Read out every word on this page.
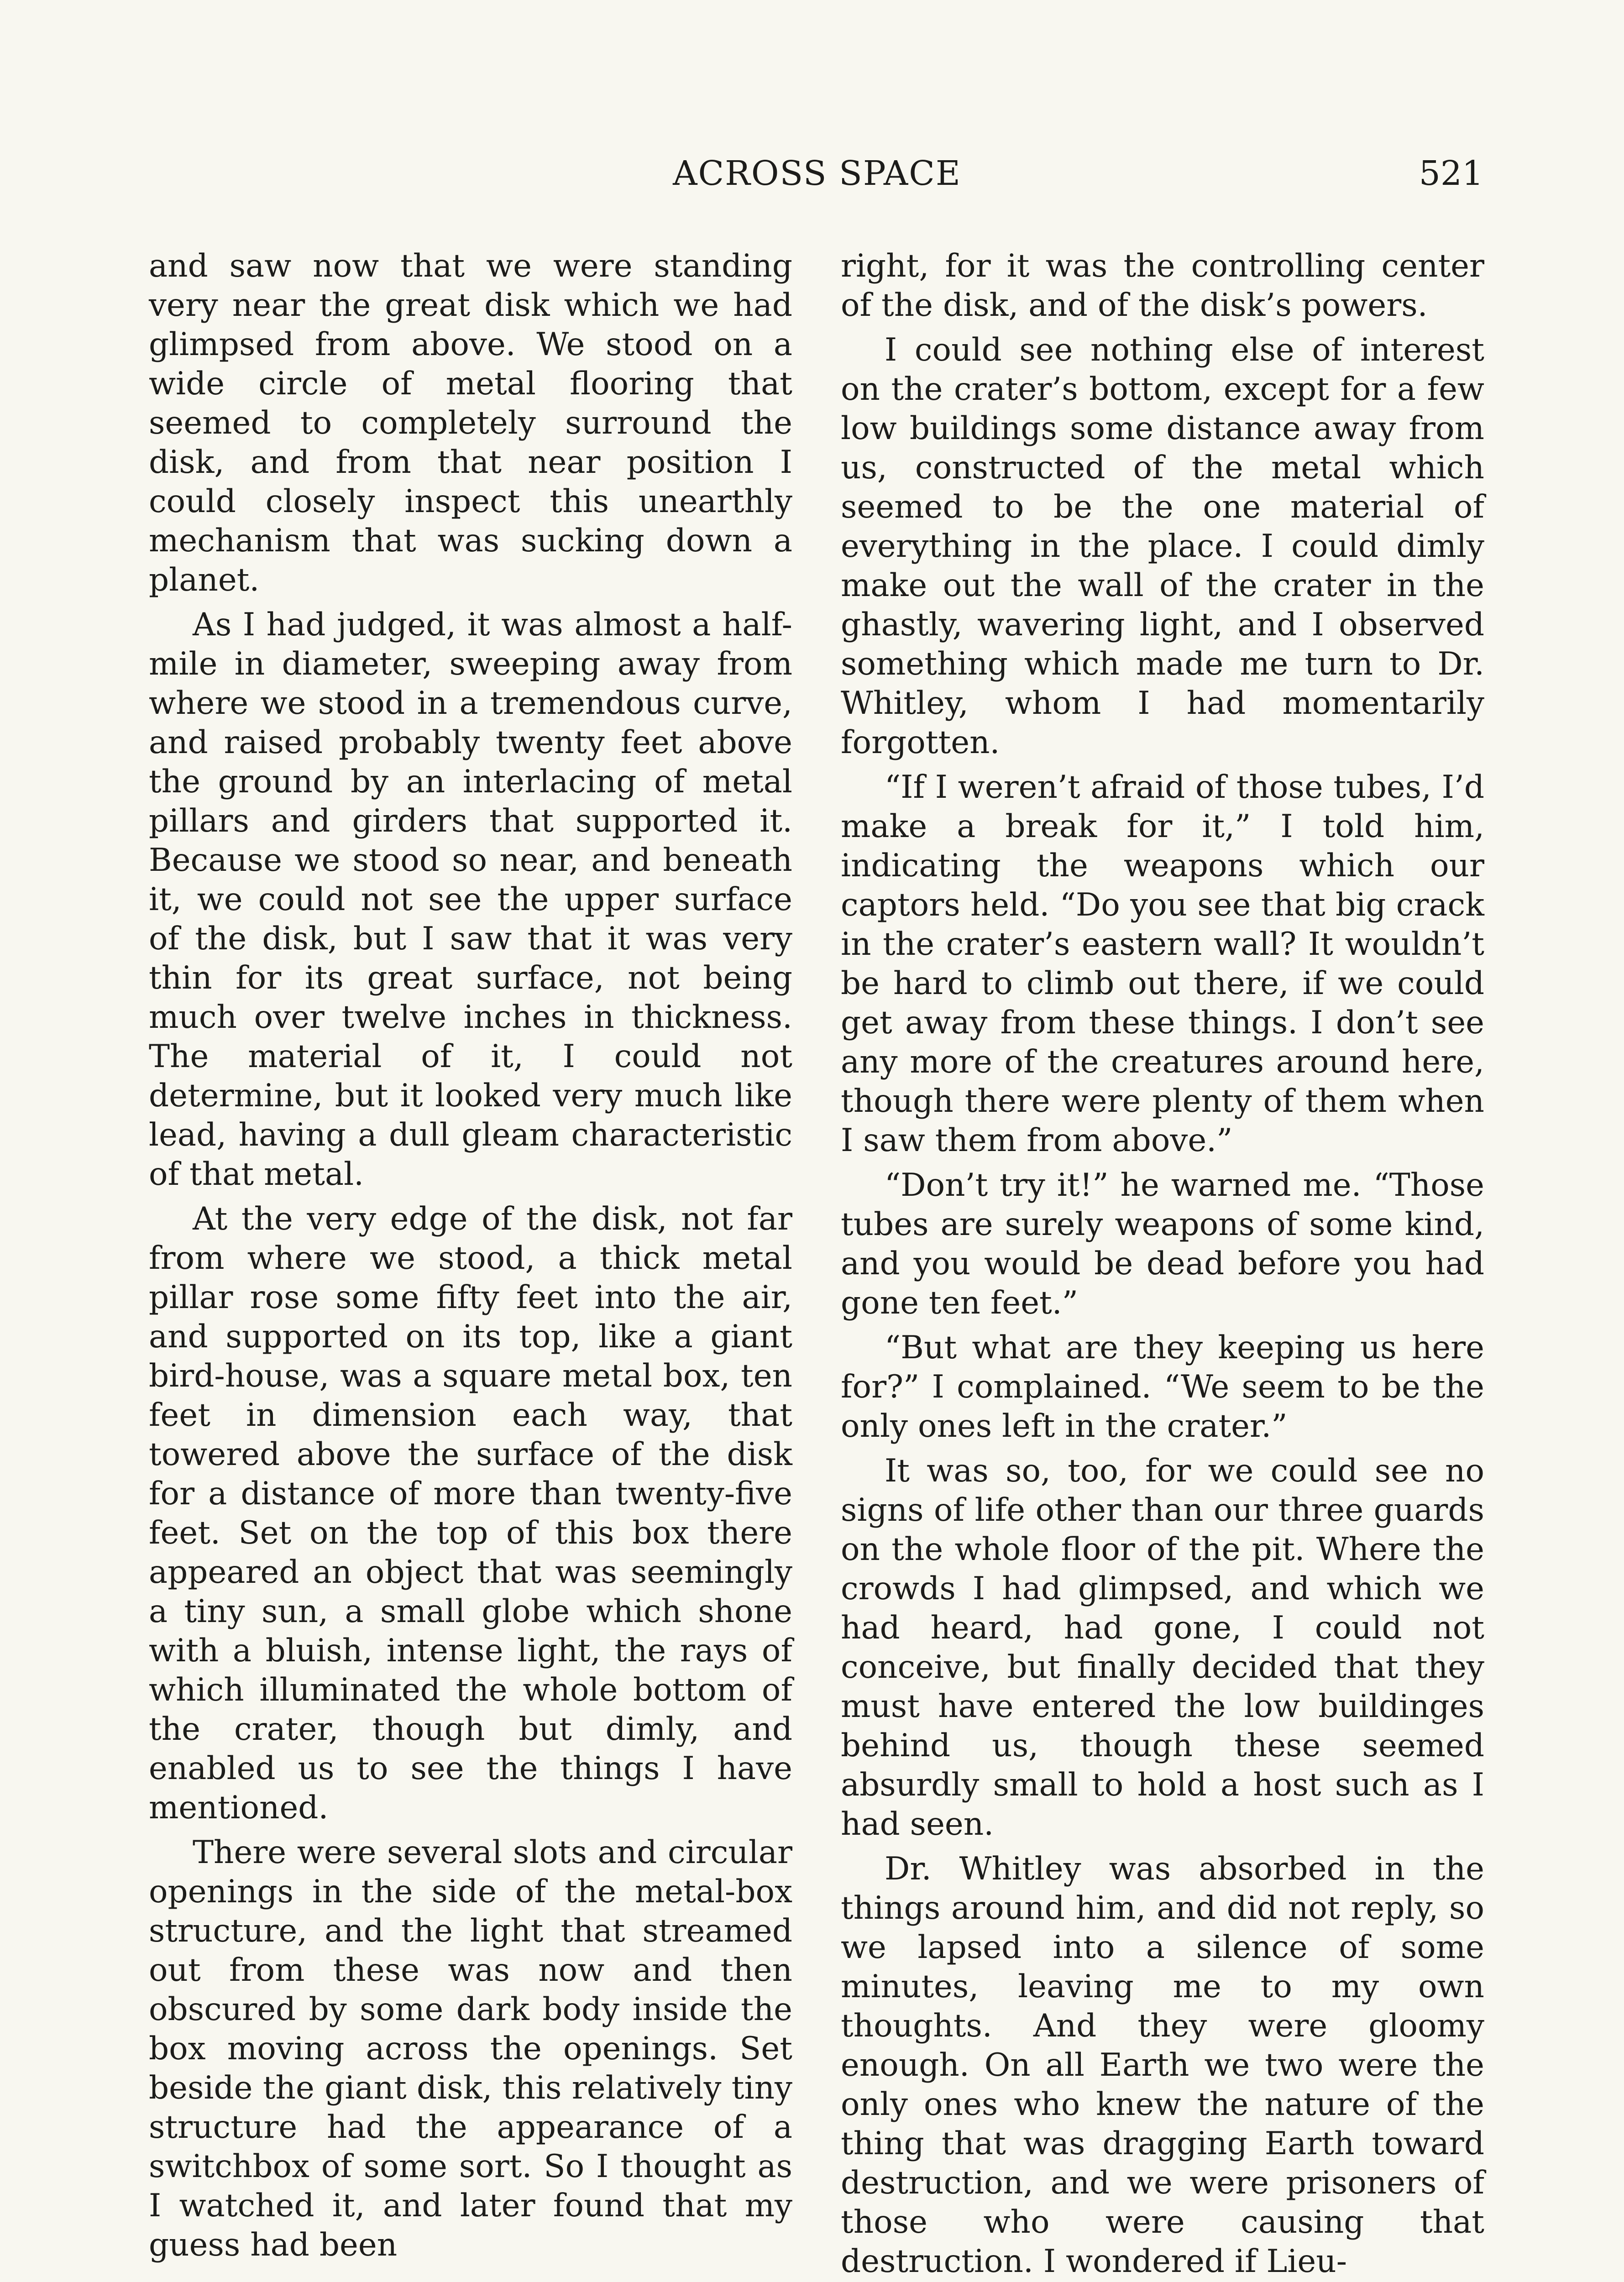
ACROSS SPACE	521

and saw now that we were standing very near the great disk which we had glimpsed from above. We stood on a wide circle of metal flooring that seemed to completely surround the disk, and from that near position I could closely inspect this unearthly mechanism that was sucking down a planet.

As I had judged, it was almost a half-mile in diameter, sweeping away from where we stood in a tremendous curve, and raised probably twenty feet above the ground by an interlacing of metal pillars and girders that supported it. Because we stood so near, and beneath it, we could not see the upper surface of the disk, but I saw that it was very thin for its great surface, not being much over twelve inches in thickness. The material of it, I could not determine, but it looked very much like lead, having a dull gleam characteristic of that metal.

At the very edge of the disk, not far from where we stood, a thick metal pillar rose some fifty feet into the air, and supported on its top, like a giant bird-house, was a square metal box, ten feet in dimension each way, that towered above the surface of the disk for a distance of more than twenty-five feet. Set on the top of this box there appeared an object that was seemingly a tiny sun, a small globe which shone with a bluish, intense light, the rays of which illuminated the whole bottom of the crater, though but dimly, and enabled us to see the things I have mentioned.

There were several slots and circular openings in the side of the metal-box structure, and the light that streamed out from these was now and then obscured by some dark body inside the box moving across the openings. Set beside the giant disk, this relatively tiny structure had the appearance of a switchbox of some sort. So I thought as I watched it, and later found that my guess had been

right, for it was the controlling center of the disk, and of the disk’s powers.

I could see nothing else of interest on the crater’s bottom, except for a few low buildings some distance away from us, constructed of the metal which seemed to be the one material of everything in the place. I could dimly make out the wall of the crater in the ghastly, wavering light, and I observed something which made me turn to Dr. Whitley, whom I had momentarily forgotten.

“If I weren’t afraid of those tubes, I’d make a break for it,” I told him, indicating the weapons which our captors held. “Do you see that big crack in the crater’s eastern wall? It wouldn’t be hard to climb out there, if we could get away from these things. I don’t see any more of the creatures around here, though there were plenty of them when I saw them from above.”

“Don’t try it!” he warned me. “Those tubes are surely weapons of some kind, and you would be dead before you had gone ten feet.”

“But what are they keeping us here for?” I complained. “We seem to be the only ones left in the crater.”

It was so, too, for we could see no signs of life other than our three guards on the whole floor of the pit. Where the crowds I had glimpsed, and which we had heard, had gone, I could not conceive, but finally decided that they must have entered the low buildinges behind us, though these seemed absurdly small to hold a host such as I had seen.

Dr. Whitley was absorbed in the things around him, and did not reply, so we lapsed into a silence of some minutes, leaving me to my own thoughts. And they were gloomy enough. On all Earth we two were the only ones who knew the nature of the thing that was dragging Earth toward destruction, and we were prisoners of those who were causing that destruction. I wondered if Lieu-
